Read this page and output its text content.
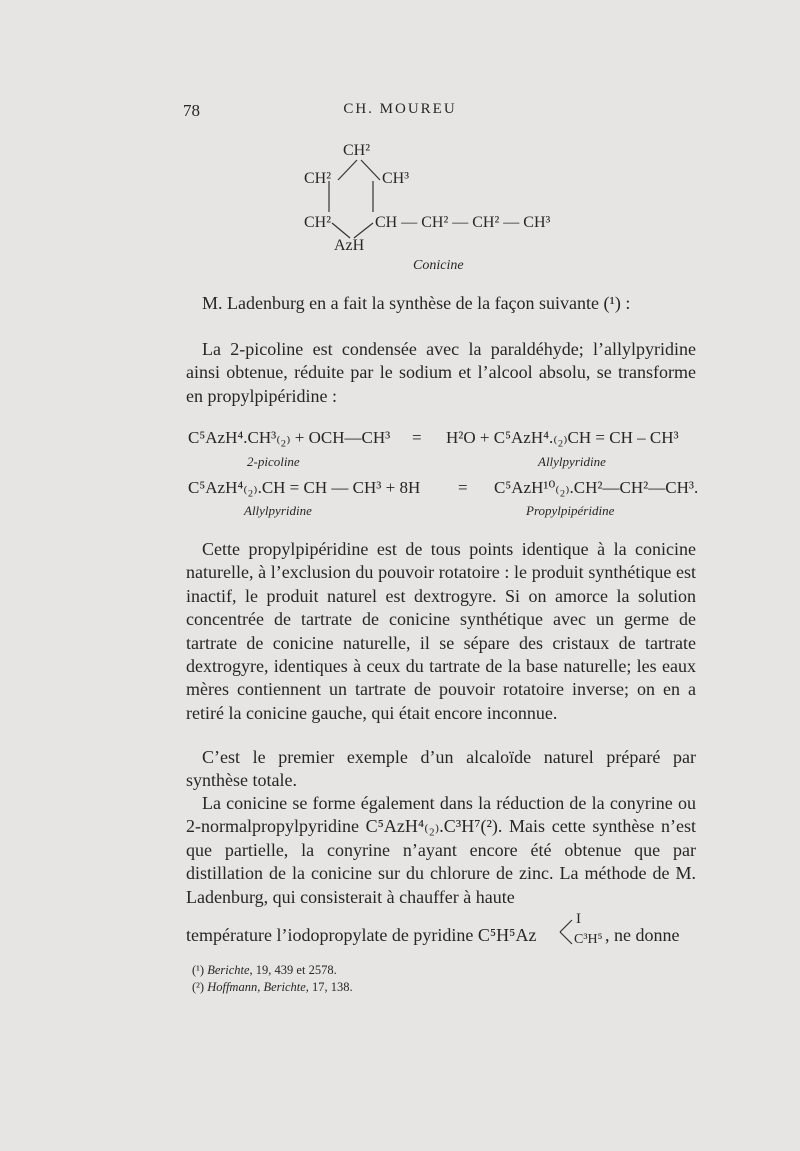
78	CH. MOUREU
CH²
CH²	CH³
CH²	CH — CH² — CH² — CH³
AzH
Conicine
M. Ladenburg en a fait la synthèse de la façon suivante (¹) :
La 2-picoline est condensée avec la paraldéhyde; l’allylpyridine ainsi obtenue, réduite par le sodium et l’alcool absolu, se transforme en propylpipéridine :
C⁵AzH⁴.CH³₍₂₎ + OCH—CH³ = H²O + C⁵AzH⁴.₍₂₎CH = CH – CH³
2-picoline	Allylpyridine
C⁵AzH⁴₍₂₎.CH = CH — CH³ + 8H = C⁵AzH¹⁰₍₂₎.CH²—CH²—CH³.
Allylpyridine	Propylpipéridine
Cette propylpipéridine est de tous points identique à la conicine naturelle, à l’exclusion du pouvoir rotatoire : le produit synthétique est inactif, le produit naturel est dextrogyre. Si on amorce la solution concentrée de tartrate de conicine synthétique avec un germe de tartrate de conicine naturelle, il se sépare des cristaux de tartrate dextrogyre, identiques à ceux du tartrate de la base naturelle; les eaux mères contiennent un tartrate de pouvoir rotatoire inverse; on en a retiré la conicine gauche, qui était encore inconnue.
C’est le premier exemple d’un alcaloïde naturel préparé par synthèse totale.
La conicine se forme également dans la réduction de la conyrine ou 2-normalpropylpyridine C⁵AzH⁴₍₂₎.C³H⁷(²). Mais cette synthèse n’est que partielle, la conyrine n’ayant encore été obtenue que par distillation de la conicine sur du chlorure de zinc. La méthode de M. Ladenburg, qui consisterait à chauffer à haute
température l’iodopropylate de pyridine C⁵H⁵Az
I
C³H⁵ , ne donne
(¹) Berichte, 19, 439 et 2578.
(²) Hoffmann, Berichte, 17, 138.
